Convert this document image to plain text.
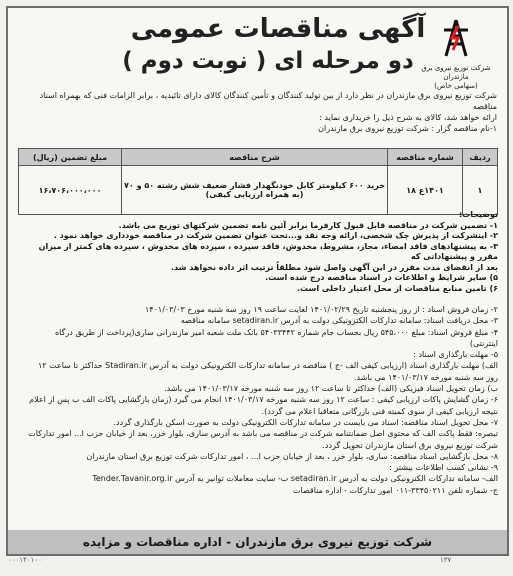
آگهی مناقصات عمومی
دو مرحله ای ( نوبت دوم )	شرکت توزیع نیروی برق مازندران
(سهامی خاص)
شرکت توزیع نیروی برق مازندران در نظر دارد از بین تولید کنندگان و تأمین کنندگان کالای دارای تائیدیه ، برابر الزامات فنی که بهمراه اسناد مناقصه
ارائه خواهد شد، کالای به شرح ذیل را خریداری نماید :
۱-نام مناقصه گزار : شرکت توزیع نیروی برق مازندران
ردیف	شماره مناقصه	شرح مناقصه	مبلغ تضمین (ریال)
۱	۱۴۰۱ع ۱۸	خرید ۶۰۰ کیلومتر کابل خودنگهدار فشار ضعیف شش رشته ۵۰ و ۷۰ (به همراه ارزیابی کیفی)	۱۶،۷۰۶،۰۰۰،۰۰۰
توضیحات:
۱- تضمین شرکت در مناقصه قابل قبول کارفرما برابر آئین نامه تضمین شرکتهای توزیع می باشد.
۲- اینشرکت از پذیرش چک شخصی، ارائه وجه نقد و...تحت عنوان تضمین شرکت در مناقصه خودداری خواهد نمود .
۳- به پیشنهادهای فاقد امضاء، مجاز، مشروط، مخدوش، فاقد سپرده ، سپرده های مخدوش ، سپرده های کمتر از میزان مقرر و پیشنهاداتی که
بعد از انقضای مدت مقرر در این آگهی واصل شود مطلقاً ترتیب اثر داده نخواهد شد.
۵) سایر شرایط و اطلاعات در اسناد مناقصه درج شده است.
۶) تامین منابع مناقصات از محل اعتبار داخلی است.
۲- زمان فروش اسناد : از روز پنجشنبه تاریخ ۱۴۰۱/۰۲/۲۹ لغایت ساعت ۱۹ روز سه شنبه مورخ ۱۴۰۱/۰۳/۰۳
۳- محل دریافت اسناد: سامانه تدارکات الکترونیکی دولت به آدرس setadiran.ir سامانه مناقصه
۴- مبلغ فروش اسناد: مبلغ ۵۴۵،۰۰۰ ریال بحساب جام شماره ۵۴۰۳۳۴۴۲ بانک ملت شعبه امیر مازندرانی ساری(پرداخت از طریق درگاه
اینترنتی)
۵- مهلت بارگذاری اسناد :
الف) مهلت بارگذاری اسناد (ارزیابی کیفی الف -ج ) مناقصه در سامانه تدارکات الکترونیکی دولت به آدرس Stadiran.ir حداکثر تا ساعت ۱۲
روز سه شنبه مورخه ۱۴۰۱/۰۳/۱۷ می باشد.
ب) زمان تحویل اسناد فیزیکی (الف) حداکثر تا ساعت ۱۲ روز سه شنبه مورخه ۱۴۰۱/۰۳/۱۷ می باشد.
۶- زمان گشایش پاکات ارزیابی کیفی : ساعت ۱۲ روز سه شنبه مورخه ۱۴۰۱/۰۳/۱۷ انجام می گیرد (زمان بازگشایی پاکات الف ب پس از اعلام
نتیجه ارزیابی کیفی از سوی کمیته فنی بازرگانی متعاقبا اعلام می گردد).
۷- محل تحویل اسناد مناقصه: اسناد می بایست در سامانه تدارکات الکترونیکی دولت به صورت اسکن بارگذاری گردد.
تبصره: فقط پاکت الف که محتوی اصل ضمانتنامه شرکت در مناقصه می باشد به آدرس ساری، بلوار خزر، بعد از خیابان حزب ا... امور تدارکات
شرکت توزیع نیروی برق استان مازندران تحویل گردد.
۸- محل بازگشایی اسناد مناقصه: ساری، بلوار خزر ، بعد از خیابان حزب ا... ، امور تدارکات شرکت توزیع برق استان مازندران
۹- نشانی کسب اطلاعات بیشتر :
الف- سامانه تدارکات الکترونیکی دولت به آدرس setadiran.ir ب- سایت معاملات توانیر به آدرس Tender.Tavanir.org.ir
ج- شماره تلفن ۳۳۴۵۰۲۱۱-۰۱۱ امور تدارکات - اداره مناقصات
شرکت توزیع نیروی برق مازندران - اداره مناقصات و مزایده
۱۳۷
۰۰۰۱۴۰۱۰۰
